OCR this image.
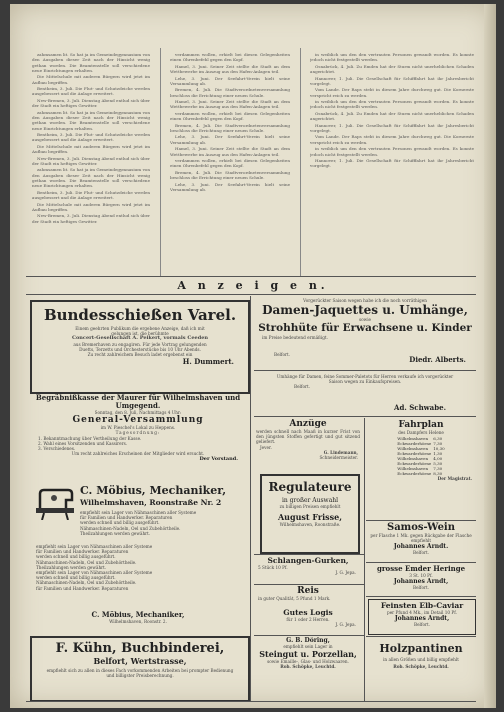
zahmsamen lit. So hat ja im Gemeindegymnasium von den Ausgaben dieser Zeit nach der Hinsicht wenig gethan worden. Die Beamtenstelle soll verschiedene neue Einrichtungen erhalten.

Die Mittelschule mit anderen Bürgern wird jetzt im Aufbau begriffen.

Bentheim, 3. Juli. Die Flut- und Schutzdeiche werden ausgebessert und die Anlage erweitert.

New-Bremen, 3. Juli. Dienstag Abend entlud sich über der Stadt ein heftiges Gewitter.

zahmsamen lit. So hat ja im Gemeindegymnasium von den Ausgaben dieser Zeit nach der Hinsicht wenig gethan worden. Die Beamtenstelle soll verschiedene neue Einrichtungen erhalten.

Bentheim, 3. Juli. Die Flut- und Schutzdeiche werden ausgebessert und die Anlage erweitert.

Die Mittelschule mit anderen Bürgern wird jetzt im Aufbau begriffen.

New-Bremen, 3. Juli. Dienstag Abend entlud sich über der Stadt ein heftiges Gewitter.

zahmsamen lit. So hat ja im Gemeindegymnasium von den Ausgaben dieser Zeit nach der Hinsicht wenig gethan worden. Die Beamtenstelle soll verschiedene neue Einrichtungen erhalten.

Bentheim, 3. Juli. Die Flut- und Schutzdeiche werden ausgebessert und die Anlage erweitert.

Die Mittelschule mit anderen Bürgern wird jetzt im Aufbau begriffen.

New-Bremen, 3. Juli. Dienstag Abend entlud sich über der Stadt ein heftiges Gewitter.

verdammen wollen, erhielt bei diesen Gelegenheiten einen Ohrenbefehl gegen den Kopf.

Hamel, 3. Juni. Seiner Zeit stellte die Stadt an dem Wettbewerbe im Auszug aus den Hafen-Anlagen teil.

Lehe, 3. Juni. Der Seefahrt-Verein hielt seine Versammlung ab.

Bremen, 4. Juli. Die Stadtverordnetenversammlung beschloss die Errichtung einer neuen Schule.

Hamel, 3. Juni. Seiner Zeit stellte die Stadt an dem Wettbewerbe im Auszug aus den Hafen-Anlagen teil.

verdammen wollen, erhielt bei diesen Gelegenheiten einen Ohrenbefehl gegen den Kopf.

Bremen, 4. Juli. Die Stadtverordnetenversammlung beschloss die Errichtung einer neuen Schule.

Lehe, 3. Juni. Der Seefahrt-Verein hielt seine Versammlung ab.

Hamel, 3. Juni. Seiner Zeit stellte die Stadt an dem Wettbewerbe im Auszug aus den Hafen-Anlagen teil.

verdammen wollen, erhielt bei diesen Gelegenheiten einen Ohrenbefehl gegen den Kopf.

Bremen, 4. Juli. Die Stadtverordnetenversammlung beschloss die Errichtung einer neuen Schule.

Lehe, 3. Juni. Der Seefahrt-Verein hielt seine Versammlung ab.

in weiblich um den den vertrauten Personen gewandt worden. Es konnte jedoch nicht festgestellt werden.

Osnabrück, 4. Juli. Zu Emden hat der Sturm nicht unerheblichen Schaden angerichtet.

Hannover, 1. Juli. Die Gesellschaft für Schifffahrt hat ihr Jahresbericht vorgelegt.

Vom Lande. Der Raps steht in diesem Jahre durchweg gut. Die Kornernte verspricht reich zu werden.

in weiblich um den den vertrauten Personen gewandt worden. Es konnte jedoch nicht festgestellt werden.

Osnabrück, 4. Juli. Zu Emden hat der Sturm nicht unerheblichen Schaden angerichtet.

Hannover, 1. Juli. Die Gesellschaft für Schifffahrt hat ihr Jahresbericht vorgelegt.

Vom Lande. Der Raps steht in diesem Jahre durchweg gut. Die Kornernte verspricht reich zu werden.

in weiblich um den den vertrauten Personen gewandt worden. Es konnte jedoch nicht festgestellt werden.

Hannover, 1. Juli. Die Gesellschaft für Schifffahrt hat ihr Jahresbericht vorgelegt.

A n z e i g e n.
Bundesschießen Varel.
Einem geehrten Publikum die ergebene Anzeige, daß ich mit
gelungen ist, die berühmte
Concert-Gesellschaft A. Peikert, vormals Ceeden
aus Bremerhaven zu engagiren. Für jede Vortrag gelungenden
Duetts, Terzetts und Orchesterstücke bis 10 Uhr Abends.
Zu recht zahlreichem Besuch ladet ergebenst ein
H. Dummert.
Begräbnißkasse der Maurer für Wilhelmshaven und Umgegend.
Sonntag, den 8. Juli, Nachmittags 4 Uhr:
General-Versammlung
im W. Pieschel's Lokal zu Heppens.
Tagesordnung:
1. Bekanntmachung über Vertheilung der Kasse.
2. Wahl eines Vorsitzenden und Kassirers.
3. Verschiedenes.
Um recht zahlreiches Erscheinen der Mitglieder wird ersucht.
Der Vorstand.
C. Möbius, Mechaniker,
Wilhelmshaven, Roonstraße Nr. 2
empfiehlt sein Lager von Nähmaschinen aller Systeme
für Familien und Handwerker. Reparaturen
werden schnell und billig ausgeführt.
Nähmaschinen-Nadeln, Oel und Zubehörtheile.
Theilzahlungen werden gewährt.
empfiehlt sein Lager von Nähmaschinen aller Systeme
für Familien und Handwerker. Reparaturen
werden schnell und billig ausgeführt.
Nähmaschinen-Nadeln, Oel und Zubehörtheile.
Theilzahlungen werden gewährt.
empfiehlt sein Lager von Nähmaschinen aller Systeme
werden schnell und billig ausgeführt.
Nähmaschinen-Nadeln, Oel und Zubehörtheile.
für Familien und Handwerker. Reparaturen
C. Möbius, Mechaniker,
Wilhelmshaven, Roonstr. 2.
F. Kühn, Buchbinderei,
Belfort, Wertstrasse,
empfiehlt sich zu allen in dieses Fach vorkommenden Arbeiten bei prompter Bedienung und billigster Preisberechnung.
Vorgerückter Saison wegen habe ich die noch vorräthigen
Damen-Jaquettes u. Umhänge,
sowie
Strohhüte für Erwachsene u. Kinder
im Preise bedeutend ermäßigt.
Belfort.
Diedr. Alberts.
Umhänge für Damen, feine Sommer-Paletots für Herren verkaufe ich vorgerückter Saison wegen zu Einkaufspreisen.
Belfort.
Ad. Schwabe.
Anzüge
werden schnell nach Maaß in kurzer Frist von den jüngsten Stoffen gefertigt und gut sitzend geliefert.
Jever.
G. Lindemann,
Schneidermeister.
Fahrplan
des Dampfers Helene
Wilhelmshaven	6,30
Eckwarderhörne	7,30
Wilhelmshaven	10,30
Eckwarderhörne	1,30
Wilhelmshaven	4,00
Eckwarderhörne	5,30
Wilhelmshaven	7,30
Eckwarderhörne	8,30
Der Magistrat.
Regulateure
in großer Auswahl
zu billigen Preisen empfiehlt
August Frisse,
Wilhelmshaven, Roonstraße.	Samos-Wein
per Flasche 1 Mk. gegen Rückgabe der Flasche empfiehlt
Johannes Arndt.
Belfort.
Schlangen-Gurken,
5 Stück 10 Pf.
J. G. Jepa.	grosse Emder Heringe
3 St. 10 Pf.
Johannes Arndt,
Belfort.
Reis
in guter Qualität, 5 Pfund 1 Mark.
Gutes Logis
für 1 oder 2 Herren.
J. G. Jepa.
Feinsten Elb-Caviar
per Pfund 4 Mk., im Detail 10 Pf.
Johannes Arndt,
Belfort.
G. B. Döring,
empfiehlt sein Lager in
Steingut u. Porzellan,
sowie Emaille-, Glas- und Holzwaaren.
Rob. Schöpke, Leuchtd.
Holzpantinen
in allen Größen und billig empfiehlt
Rob. Schöpke, Leuchtd.
